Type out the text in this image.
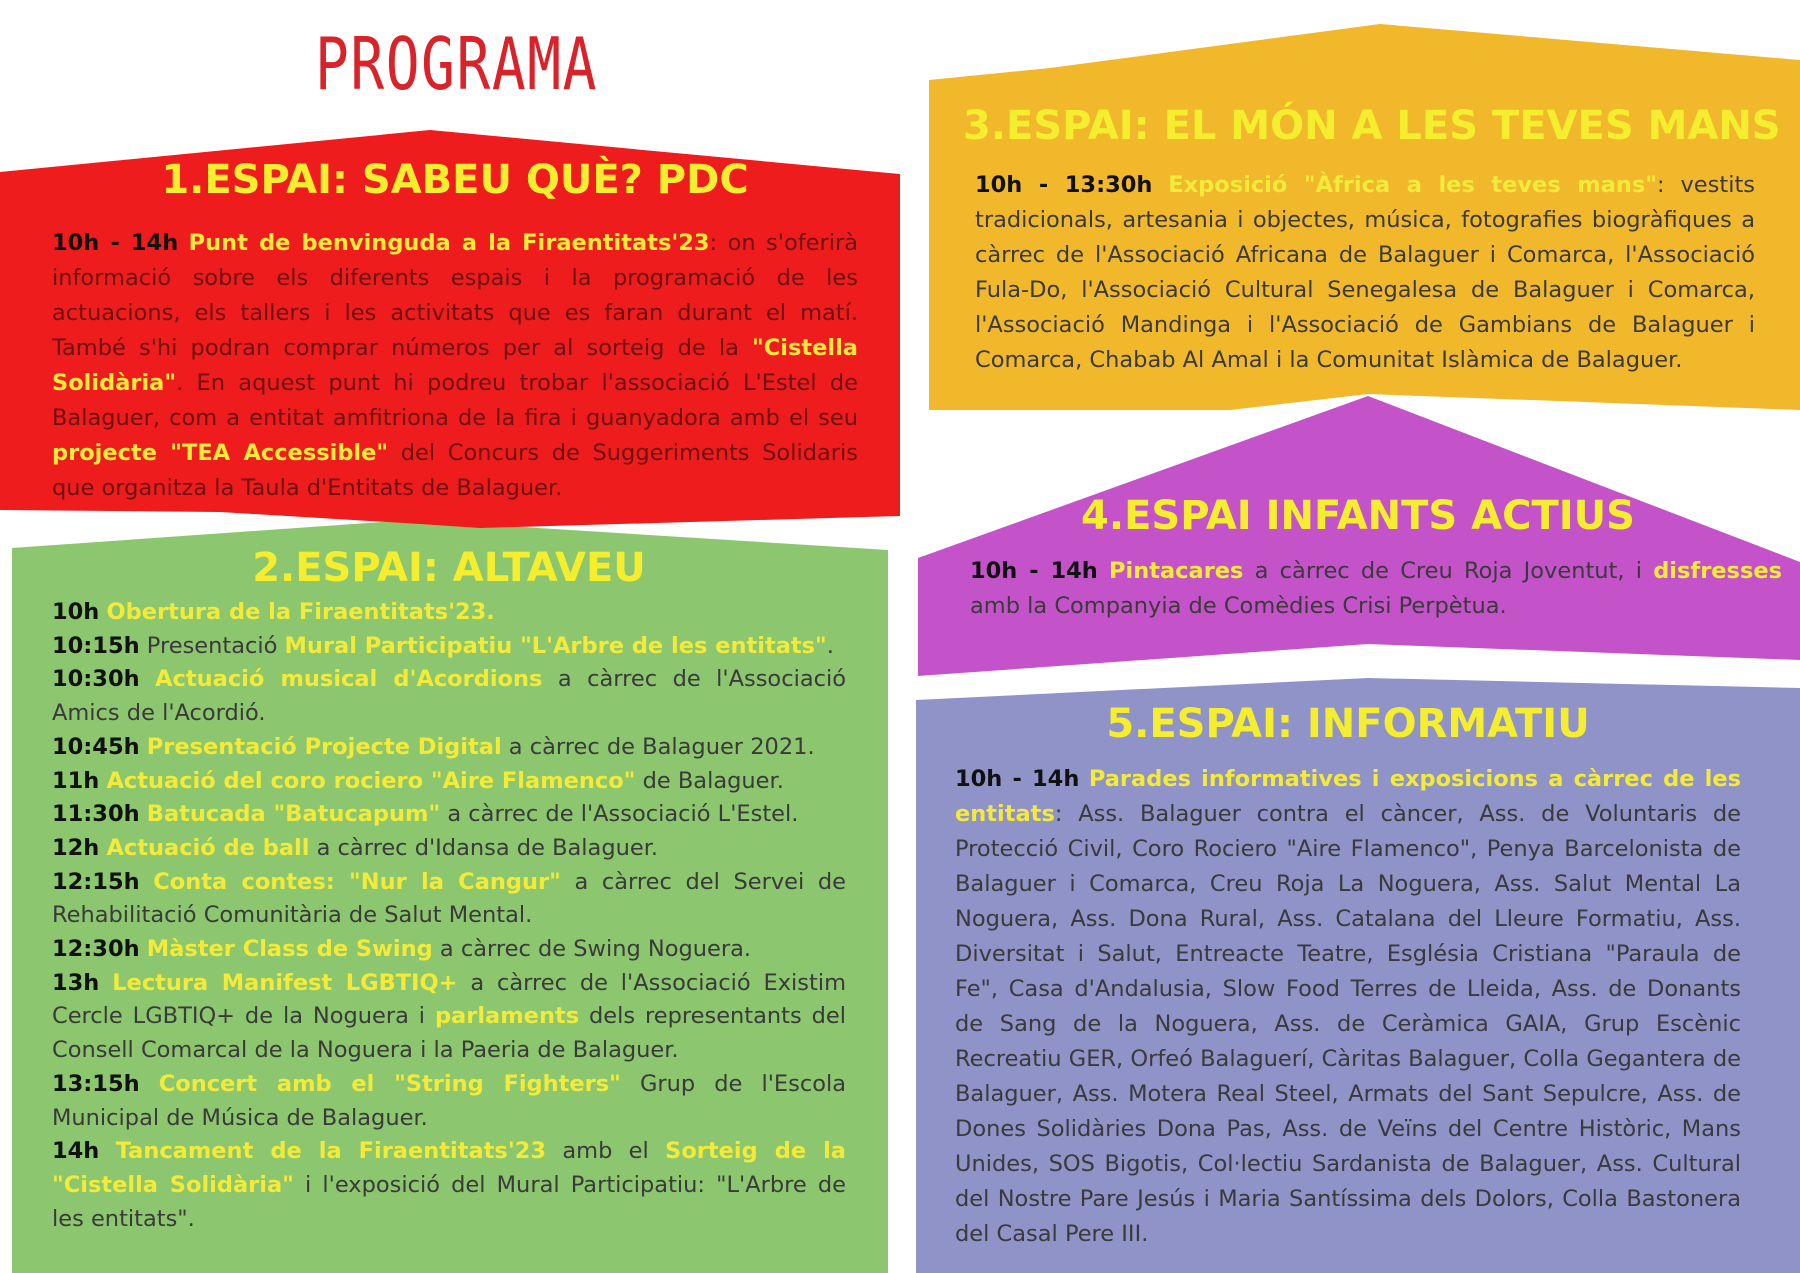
PROGRAMA
1.ESPAI: SABEU QUÈ? PDC

10h - 14h Punt de benvinguda a la Firaentitats'23: on s'oferirà informació sobre els diferents espais i la programació de les actuacions, els tallers i les activitats que es faran durant el matí. També s'hi podran comprar números per al sorteig de la "Cistella Solidària". En aquest punt hi podreu trobar l'associació L'Estel de Balaguer, com a entitat amfitriona de la fira i guanyadora amb el seu projecte "TEA Accessible" del Concurs de Suggeriments Solidaris que organitza la Taula d'Entitats de Balaguer.

2.ESPAI: ALTAVEU

10h Obertura de la Firaentitats'23.

10:15h Presentació Mural Participatiu "L'Arbre de les entitats".

10:30h Actuació musical d'Acordions a càrrec de l'Associació Amics de l'Acordió.

10:45h Presentació Projecte Digital a càrrec de Balaguer 2021.

11h Actuació del coro rociero "Aire Flamenco" de Balaguer.

11:30h Batucada "Batucapum" a càrrec de l'Associació L'Estel.

12h Actuació de ball a càrrec d'Idansa de Balaguer.

12:15h Conta contes: "Nur la Cangur" a càrrec del Servei de Rehabilitació Comunitària de Salut Mental.

12:30h Màster Class de Swing a càrrec de Swing Noguera.

13h Lectura Manifest LGBTIQ+ a càrrec de l'Associació Existim Cercle LGBTIQ+ de la Noguera i parlaments dels representants del Consell Comarcal de la Noguera i la Paeria de Balaguer.

13:15h Concert amb el "String Fighters" Grup de l'Escola Municipal de Música de Balaguer.

14h Tancament de la Firaentitats'23 amb el Sorteig de la "Cistella Solidària" i l'exposició del Mural Participatiu: "L'Arbre de les entitats".

3.ESPAI: EL MÓN A LES TEVES MANS

10h - 13:30h Exposició "Àfrica a les teves mans": vestits tradicionals, artesania i objectes, música, fotografies biogràfiques a càrrec de l'Associació Africana de Balaguer i Comarca, l'Associació Fula-Do, l'Associació Cultural Senegalesa de Balaguer i Comarca, l'Associació Mandinga i l'Associació de Gambians de Balaguer i Comarca, Chabab Al Amal i la Comunitat Islàmica de Balaguer.

4.ESPAI INFANTS ACTIUS

10h - 14h Pintacares a càrrec de Creu Roja Joventut, i disfresses amb la Companyia de Comèdies Crisi Perpètua.

5.ESPAI: INFORMATIU

10h - 14h Parades informatives i exposicions a càrrec de les entitats: Ass. Balaguer contra el càncer, Ass. de Voluntaris de Protecció Civil, Coro Rociero "Aire Flamenco", Penya Barcelonista de Balaguer i Comarca, Creu Roja La Noguera, Ass. Salut Mental La Noguera, Ass. Dona Rural, Ass. Catalana del Lleure Formatiu, Ass. Diversitat i Salut, Entreacte Teatre, Església Cristiana "Paraula de Fe", Casa d'Andalusia, Slow Food Terres de Lleida, Ass. de Donants de Sang de la Noguera, Ass. de Ceràmica GAIA, Grup Escènic Recreatiu GER, Orfeó Balaguerí, Càritas Balaguer, Colla Gegantera de Balaguer, Ass. Motera Real Steel, Armats del Sant Sepulcre, Ass. de Dones Solidàries Dona Pas, Ass. de Veïns del Centre Històric, Mans Unides, SOS Bigotis, Col·lectiu Sardanista de Balaguer, Ass. Cultural del Nostre Pare Jesús i Maria Santíssima dels Dolors, Colla Bastonera del Casal Pere III.
